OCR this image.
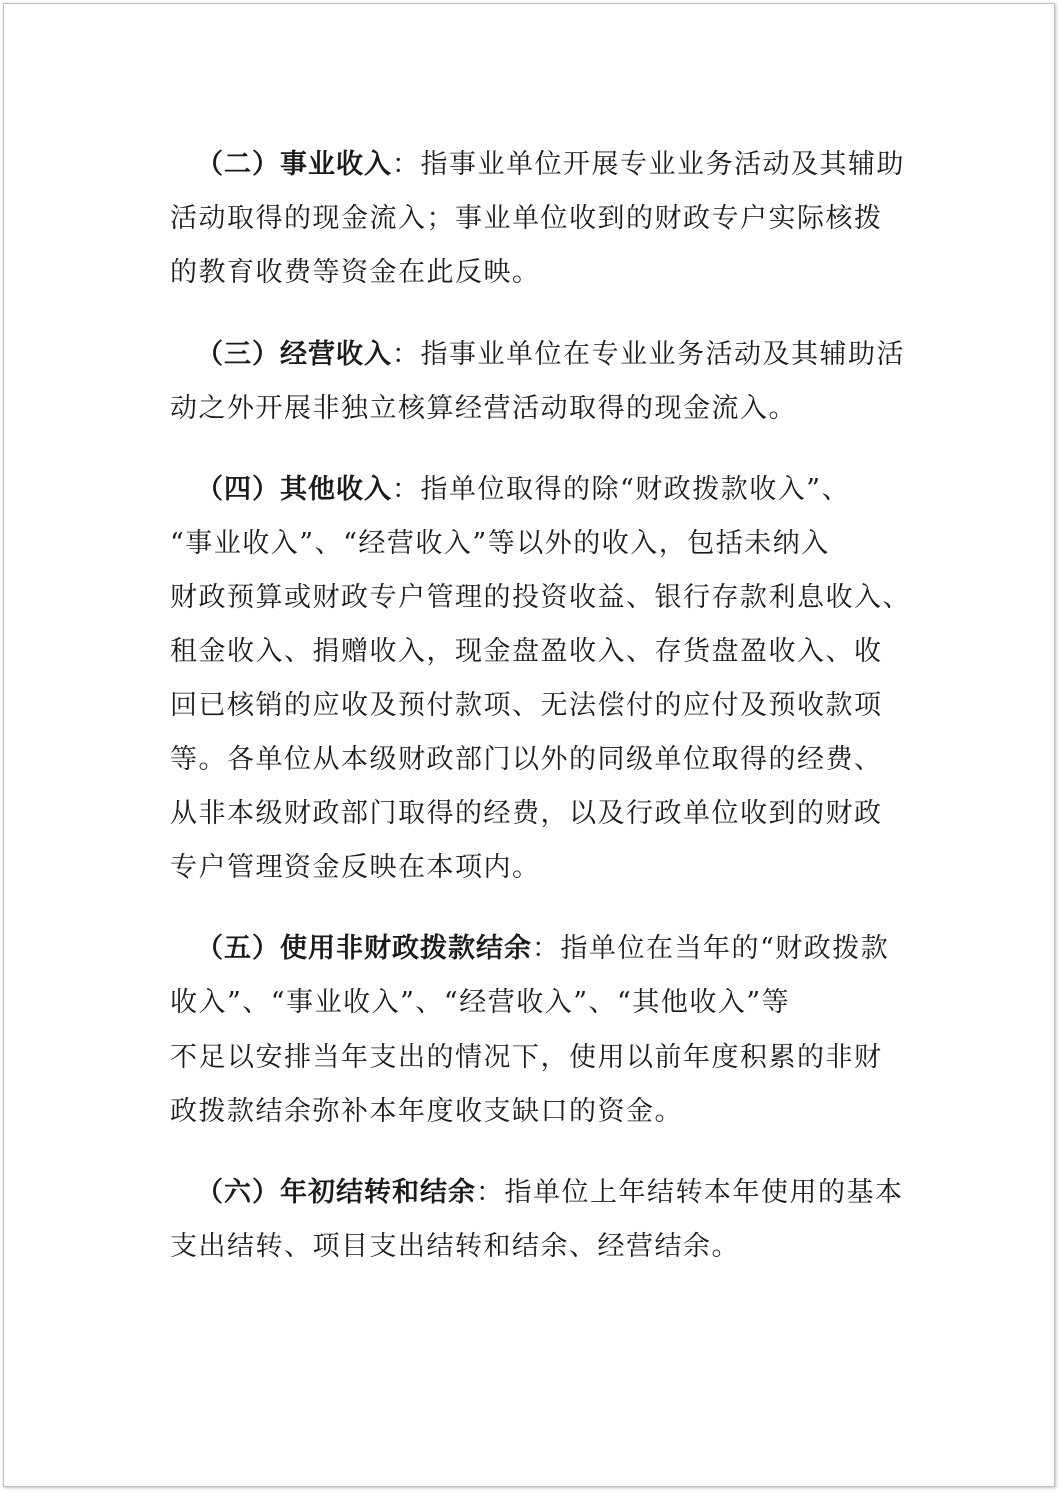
（二）事业收入：指事业单位开展专业业务活动及其辅助
活动取得的现金流入；事业单位收到的财政专户实际核拨
的教育收费等资金在此反映。
（三）经营收入：指事业单位在专业业务活动及其辅助活
动之外开展非独立核算经营活动取得的现金流入。
（四）其他收入：指单位取得的除“财政拨款收入”、
“事业收入”、“经营收入”等以外的收入，包括未纳入
财政预算或财政专户管理的投资收益、银行存款利息收入、
租金收入、捐赠收入，现金盘盈收入、存货盘盈收入、收
回已核销的应收及预付款项、无法偿付的应付及预收款项
等。各单位从本级财政部门以外的同级单位取得的经费、
从非本级财政部门取得的经费，以及行政单位收到的财政
专户管理资金反映在本项内。
（五）使用非财政拨款结余：指单位在当年的“财政拨款
收入”、“事业收入”、“经营收入”、“其他收入”等
不足以安排当年支出的情况下，使用以前年度积累的非财
政拨款结余弥补本年度收支缺口的资金。
（六）年初结转和结余：指单位上年结转本年使用的基本
支出结转、项目支出结转和结余、经营结余。
